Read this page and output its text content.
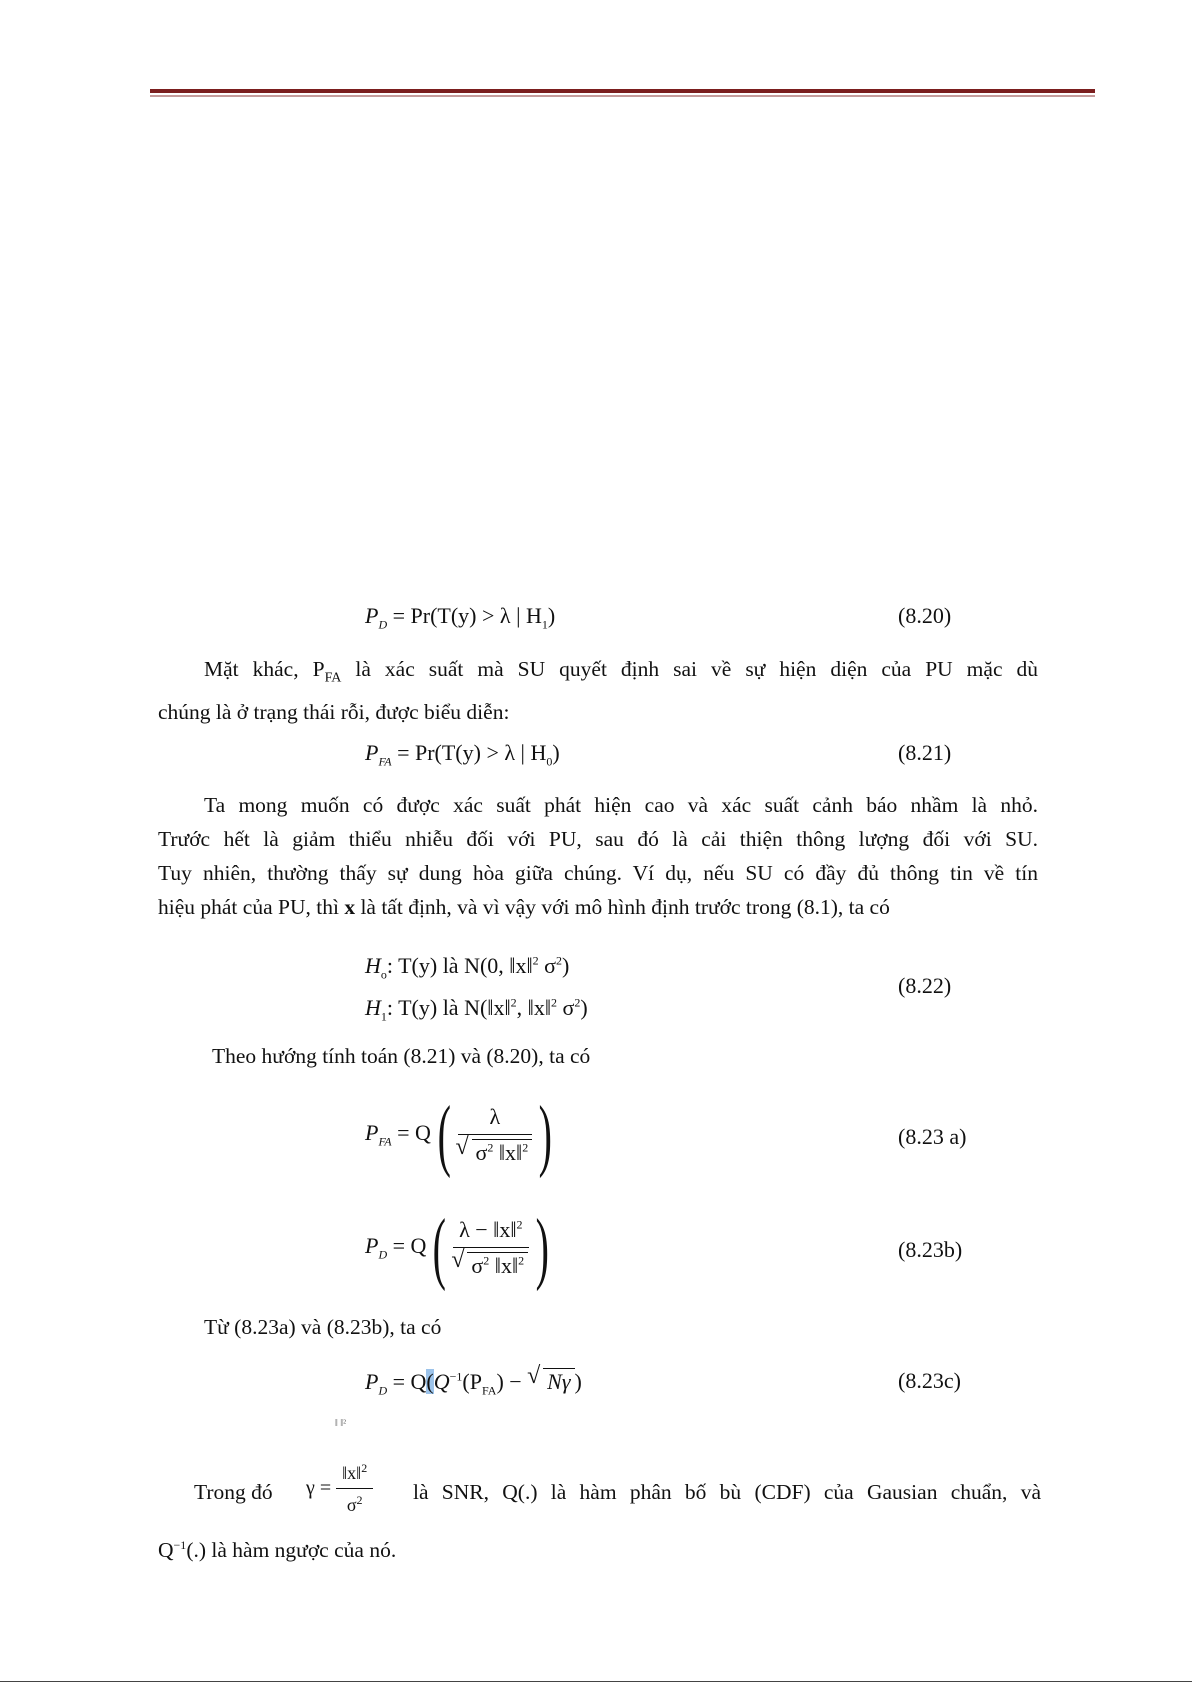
$P_D = Pr(T(y) > \lambda$ | $H_1$)	(8.20)
Mặt khác, $P_{FA}$ là xác suất mà SU quyết định sai về sự hiện diện của PU mặc dù
chúng là ở trạng thái rỗi, được biểu diễn:
$P_{FA} = Pr(T(y) > \lambda$ | $H_0$)	(8.21)
Ta mong muốn có được xác suất phát hiện cao và xác suất cảnh báo nhầm là nhỏ.
Trước hết là giảm thiểu nhiễu đối với PU, sau đó là cải thiện thông lượng đối với SU.
Tuy nhiên, thường thấy sự dung hòa giữa chúng. Ví dụ, nếu SU có đầy đủ thông tin về tín
hiệu phát của PU, thì x là tất định, và vì vậy với mô hình định trước trong (8.1), ta có
$H_o$: T(y) là N(0, ‖x‖$^2$ $\sigma^2$)
$H_1$: T(y) là N(‖x‖$^2$, ‖x‖$^2$ $\sigma^2$)
(8.22)
Theo hướng tính toán (8.21) và (8.20), ta có
$P_{FA} = Q$( λ
√ $\sigma^2$ ‖x‖$^2$ )	(8.23 a)
$P_D = Q$( λ − ‖x‖$^2$
√ $\sigma^2$ ‖x‖$^2$ )	(8.23b)
Từ (8.23a) và (8.23b), ta có
$P_D = Q(Q^{-1}(P_{FA})$ − √ Nγ )	(8.23c)
‖ ‖²
Trong đó $\gamma = \frac{‖x‖^2}{\sigma^2}$ là SNR, Q(.) là hàm phân bố bù (CDF) của Gausian chuẩn, và
$Q^{-1}(.)$ là hàm ngược của nó.
